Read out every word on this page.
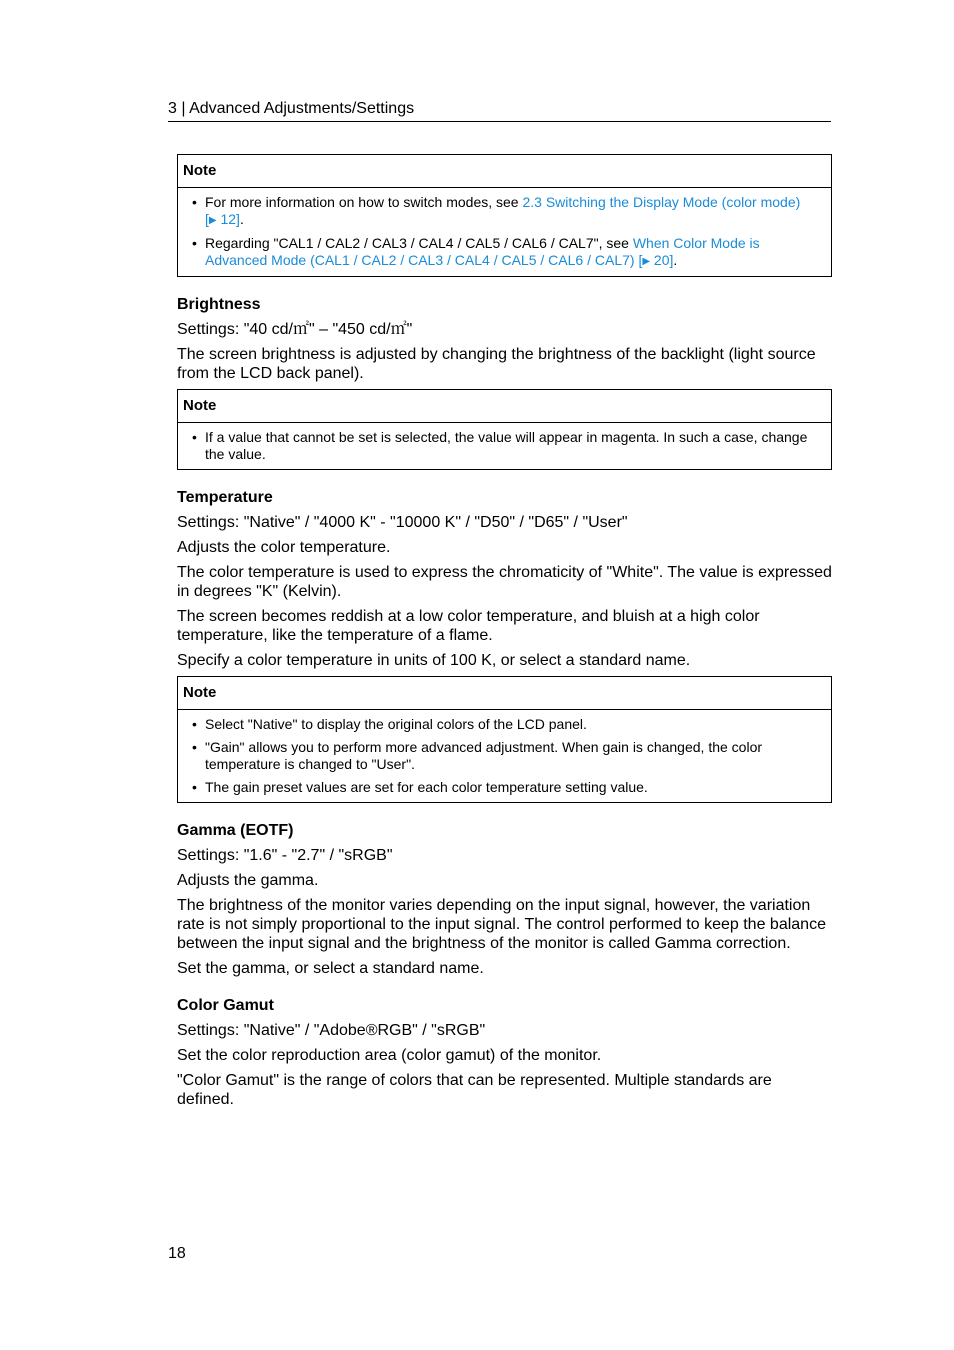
3 | Advanced Adjustments/Settings
Note
• For more information on how to switch modes, see 2.3 Switching the Display Mode (color mode)
[▶ 12].
• Regarding "CAL1 / CAL2 / CAL3 / CAL4 / CAL5 / CAL6 / CAL7", see When Color Mode is Advanced Mode (CAL1 / CAL2 / CAL3 / CAL4 / CAL5 / CAL6 / CAL7) [▶ 20].
Brightness

Settings: "40 cd/㎡" – "450 cd/㎡"

The screen brightness is adjusted by changing the brightness of the backlight (light source from the LCD back panel).

Note
• If a value that cannot be set is selected, the value will appear in magenta. In such a case, change the value.
Temperature

Settings: "Native" / "4000 K" - "10000 K" / "D50" / "D65" / "User"

Adjusts the color temperature.

The color temperature is used to express the chromaticity of "White". The value is expressed in degrees "K" (Kelvin).

The screen becomes reddish at a low color temperature, and bluish at a high color temperature, like the temperature of a flame.

Specify a color temperature in units of 100 K, or select a standard name.

Note
• Select "Native" to display the original colors of the LCD panel.
• "Gain" allows you to perform more advanced adjustment. When gain is changed, the color temperature is changed to "User".
• The gain preset values are set for each color temperature setting value.
Gamma (EOTF)

Settings: "1.6" - "2.7" / "sRGB"

Adjusts the gamma.

The brightness of the monitor varies depending on the input signal, however, the variation rate is not simply proportional to the input signal. The control performed to keep the balance between the input signal and the brightness of the monitor is called Gamma correction.

Set the gamma, or select a standard name.

Color Gamut

Settings: "Native" / "Adobe®RGB" / "sRGB"

Set the color reproduction area (color gamut) of the monitor.

"Color Gamut" is the range of colors that can be represented. Multiple standards are defined.

18
